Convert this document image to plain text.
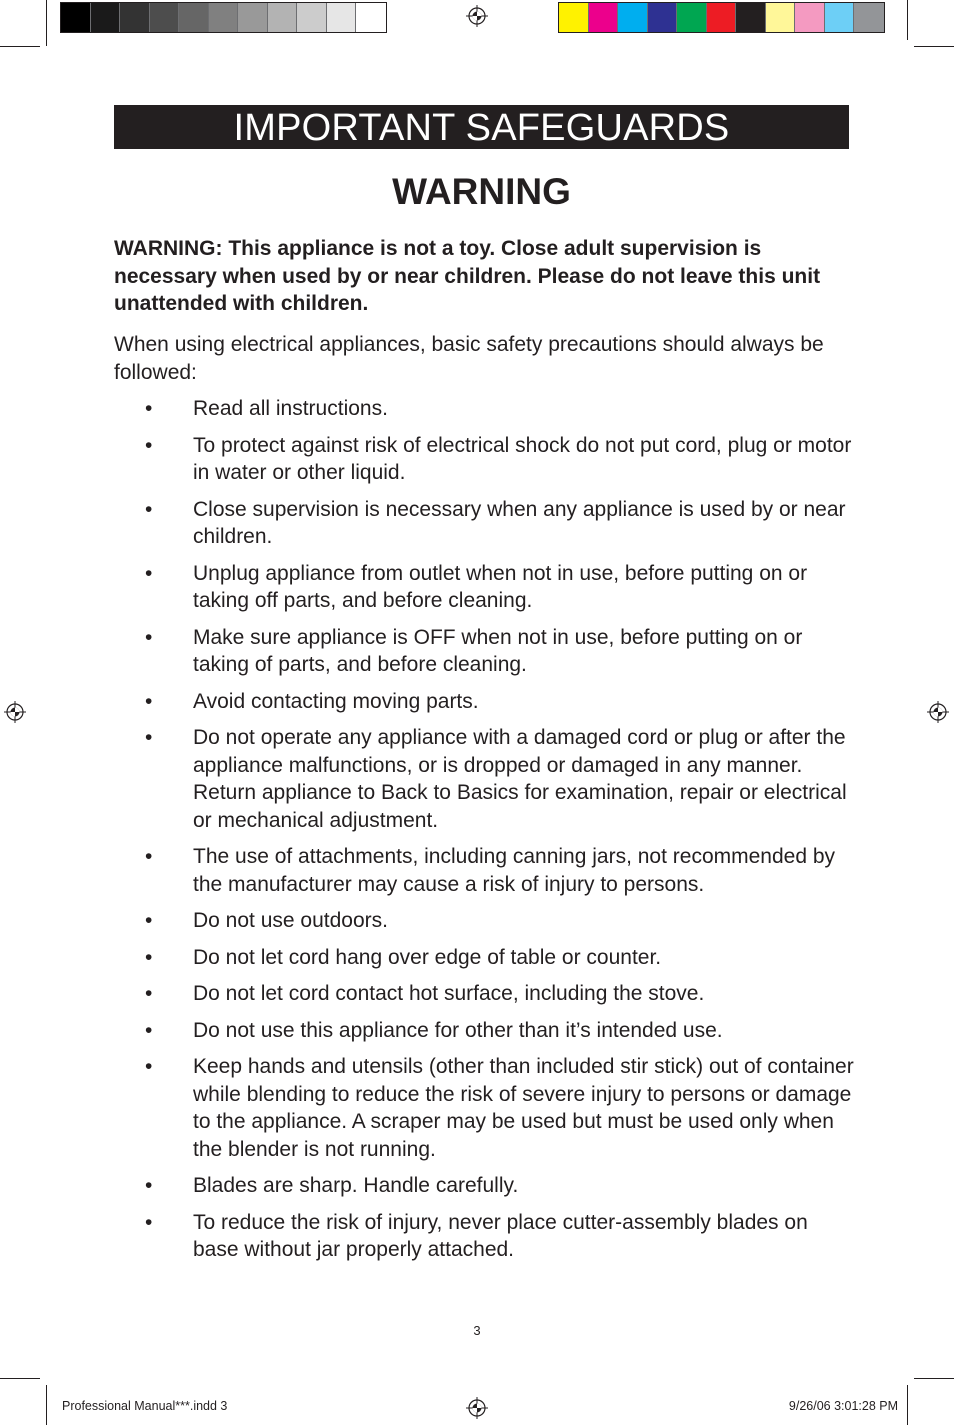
IMPORTANT SAFEGUARDS
WARNING
WARNING: This appliance is not a toy. Close adult supervision is necessary when used by or near children. Please do not leave this unit unattended with children.
When using electrical appliances, basic safety precautions should always be followed:
• Read all instructions.
• To protect against risk of electrical shock do not put cord, plug or motor in water or other liquid.
• Close supervision is necessary when any appliance is used by or near children.
• Unplug appliance from outlet when not in use, before putting on or taking off parts, and before cleaning.
• Make sure appliance is OFF when not in use, before putting on or taking of parts, and before cleaning.
• Avoid contacting moving parts.
• Do not operate any appliance with a damaged cord or plug or after the appliance malfunctions, or is dropped or damaged in any manner. Return appliance to Back to Basics for examination, repair or electrical or mechanical adjustment.
• The use of attachments, including canning jars, not recommended by the manufacturer may cause a risk of injury to persons.
• Do not use outdoors.
• Do not let cord hang over edge of table or counter.
• Do not let cord contact hot surface, including the stove.
• Do not use this appliance for other than it’s intended use.
• Keep hands and utensils (other than included stir stick) out of container while blending to reduce the risk of severe injury to persons or damage to the appliance. A scraper may be used but must be used only when the blender is not running.
• Blades are sharp. Handle carefully.
• To reduce the risk of injury, never place cutter-assembly blades on base without jar properly attached.
3
Professional Manual***.indd 3	9/26/06 3:01:28 PM
